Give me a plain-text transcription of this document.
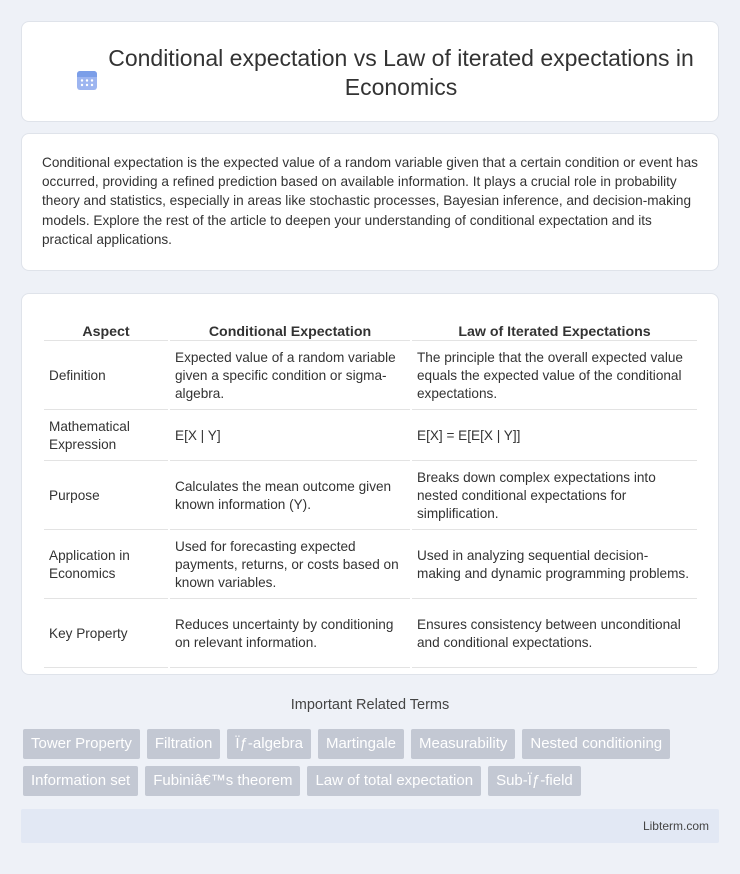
Conditional expectation vs Law of iterated expectations in Economics

Conditional expectation is the expected value of a random variable given that a certain condition or event has occurred, providing a refined prediction based on available information. It plays a crucial role in probability theory and statistics, especially in areas like stochastic processes, Bayesian inference, and decision-making models. Explore the rest of the article to deepen your understanding of conditional expectation and its practical applications.

Aspect	Conditional Expectation	Law of Iterated Expectations
Definition	Expected value of a random variable given a specific condition or sigma-algebra.	The principle that the overall expected value equals the expected value of the conditional expectations.
Mathematical Expression	E[X | Y]	E[X] = E[E[X | Y]]
Purpose	Calculates the mean outcome given known information (Y).	Breaks down complex expectations into nested conditional expectations for simplification.
Application in Economics	Used for forecasting expected payments, returns, or costs based on known variables.	Used in analyzing sequential decision-making and dynamic programming problems.
Key Property	Reduces uncertainty by conditioning on relevant information.	Ensures consistency between unconditional and conditional expectations.
Important Related Terms
Tower Property	Filtration	Ïƒ-algebra	Martingale	Measurability	Nested conditioning
Information set	Fubiniâ€™s theorem	Law of total expectation	Sub-Ïƒ-field
Libterm.com
